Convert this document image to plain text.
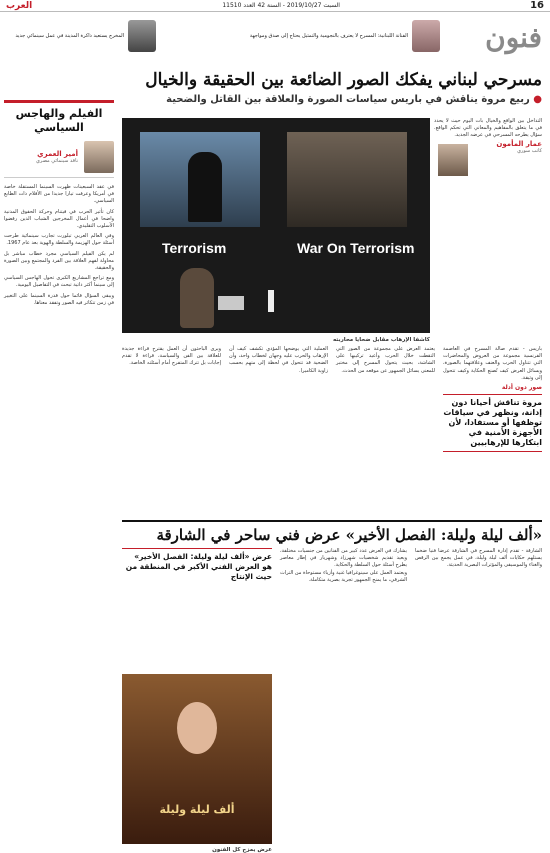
16
السبت 2019/10/27 - السنة 42 العدد 11510
العرب
فنون
الفنانة اللبنانية: المسرح لا يعترف بالنجومية والتمثيل يحتاج إلى صدق ومواجهة
المخرج يستعيد ذاكرة المدينة في عمل سينمائي جديد
مسرحي لبناني يفكك الصور الضائعة بين الحقيقة والخيال
● ربيع مروة يناقش في باريس سياسات الصورة والعلاقة بين القاتل والضحية
Terrorism	War On Terrorism
كاشفا الإرهاب مقابل ضحايا محاربته
التداخل بين الواقع والخيال بات اليوم حيث لا يحدد في ما يتعلق بالمفاهيم والمعاني التي تحكم الواقع. سؤال يطرحه المسرحي في عرضه الجديد.
عمار المأمون
كاتب سوري
الفيلم والهاجس السياسي
أمير العمري
ناقد سينمائي مصري

في عقد السبعينات ظهرت السينما المستقلة خاصة في أمريكا وعرفت تيارا جديدا من الأفلام ذات الطابع السياسي.

كان تأثير الحرب في فيتنام وحركة الحقوق المدنية واضحا في أعمال المخرجين الشباب الذين رفضوا الأسلوب التقليدي.

وفي العالم العربي تبلورت تجارب سينمائية طرحت أسئلة حول الهزيمة والسلطة والهوية بعد عام 1967.

لم يكن الفيلم السياسي مجرد خطاب مباشر بل محاولة لفهم العلاقة بين الفرد والمجتمع وبين الصورة والحقيقة.

ومع تراجع المشاريع الكبرى تحول الهاجس السياسي إلى سينما أكثر ذاتية تبحث في التفاصيل اليومية.

ويبقى السؤال قائما حول قدرة السينما على التغيير في زمن تتكاثر فيه الصور وتفقد معناها.

باريس - تقدم صالة المسرح في العاصمة الفرنسية مجموعة من العروض والمحاضرات التي تتناول الحرب والعنف وعلاقتهما بالصورة، ويسائل العرض كيف تُصنع الحكاية وكيف تتحول إلى وثيقة.
صور دون أدلة
مروة تناقش أحيانا دون إدانة، ونظهر في سياقات توظفها أو مستفادا، لأن الأجهزة الأمنية في ابتكارها للإرهابيين
يعتمد العرض على مجموعة من الصور التي التقطت خلال الحرب وأعيد تركيبها على الشاشة، بحيث يتحول المسرح إلى مختبر للمعنى يسائل الجمهور عن موقعه من الحدث.
العملية التي يوضحها المؤدي تكشف كيف أن الإرهاب والحرب عليه وجهان لخطاب واحد، وأن الضحية قد تتحول في لحظة إلى متهم بحسب زاوية الكاميرا.
ويرى الباحثون أن العمل يقترح قراءة جديدة للعلاقة بين الفن والسياسة، قراءة لا تقدم إجابات بل تترك المتفرج أمام أسئلته الخاصة.
«ألف ليلة وليلة: الفصل الأخير» عرض فني ساحر في الشارقة
الشارقة - تقدم إدارة المسرح في الشارقة عرضا فنيا ضخما يستلهم حكايات ألف ليلة وليلة، في عمل يجمع بين الرقص والغناء والموسيقى والمؤثرات البصرية الحديثة.
يشارك في العرض عدد كبير من الفنانين من جنسيات مختلفة، ويعيد تقديم شخصيات شهرزاد وشهريار في إطار معاصر يطرح أسئلة حول السلطة والحكاية.
ويعتمد العمل على سينوغرافيا غنية وأزياء مستوحاة من التراث الشرقي، ما يمنح الجمهور تجربة بصرية متكاملة.
عرض «ألف ليلة وليلة: الفصل الأخير» هو العرض الفني الأكبر في المنطقة من حيث الإنتاج
ألف ليلة وليلة
عرض يمزج كل الفنون
